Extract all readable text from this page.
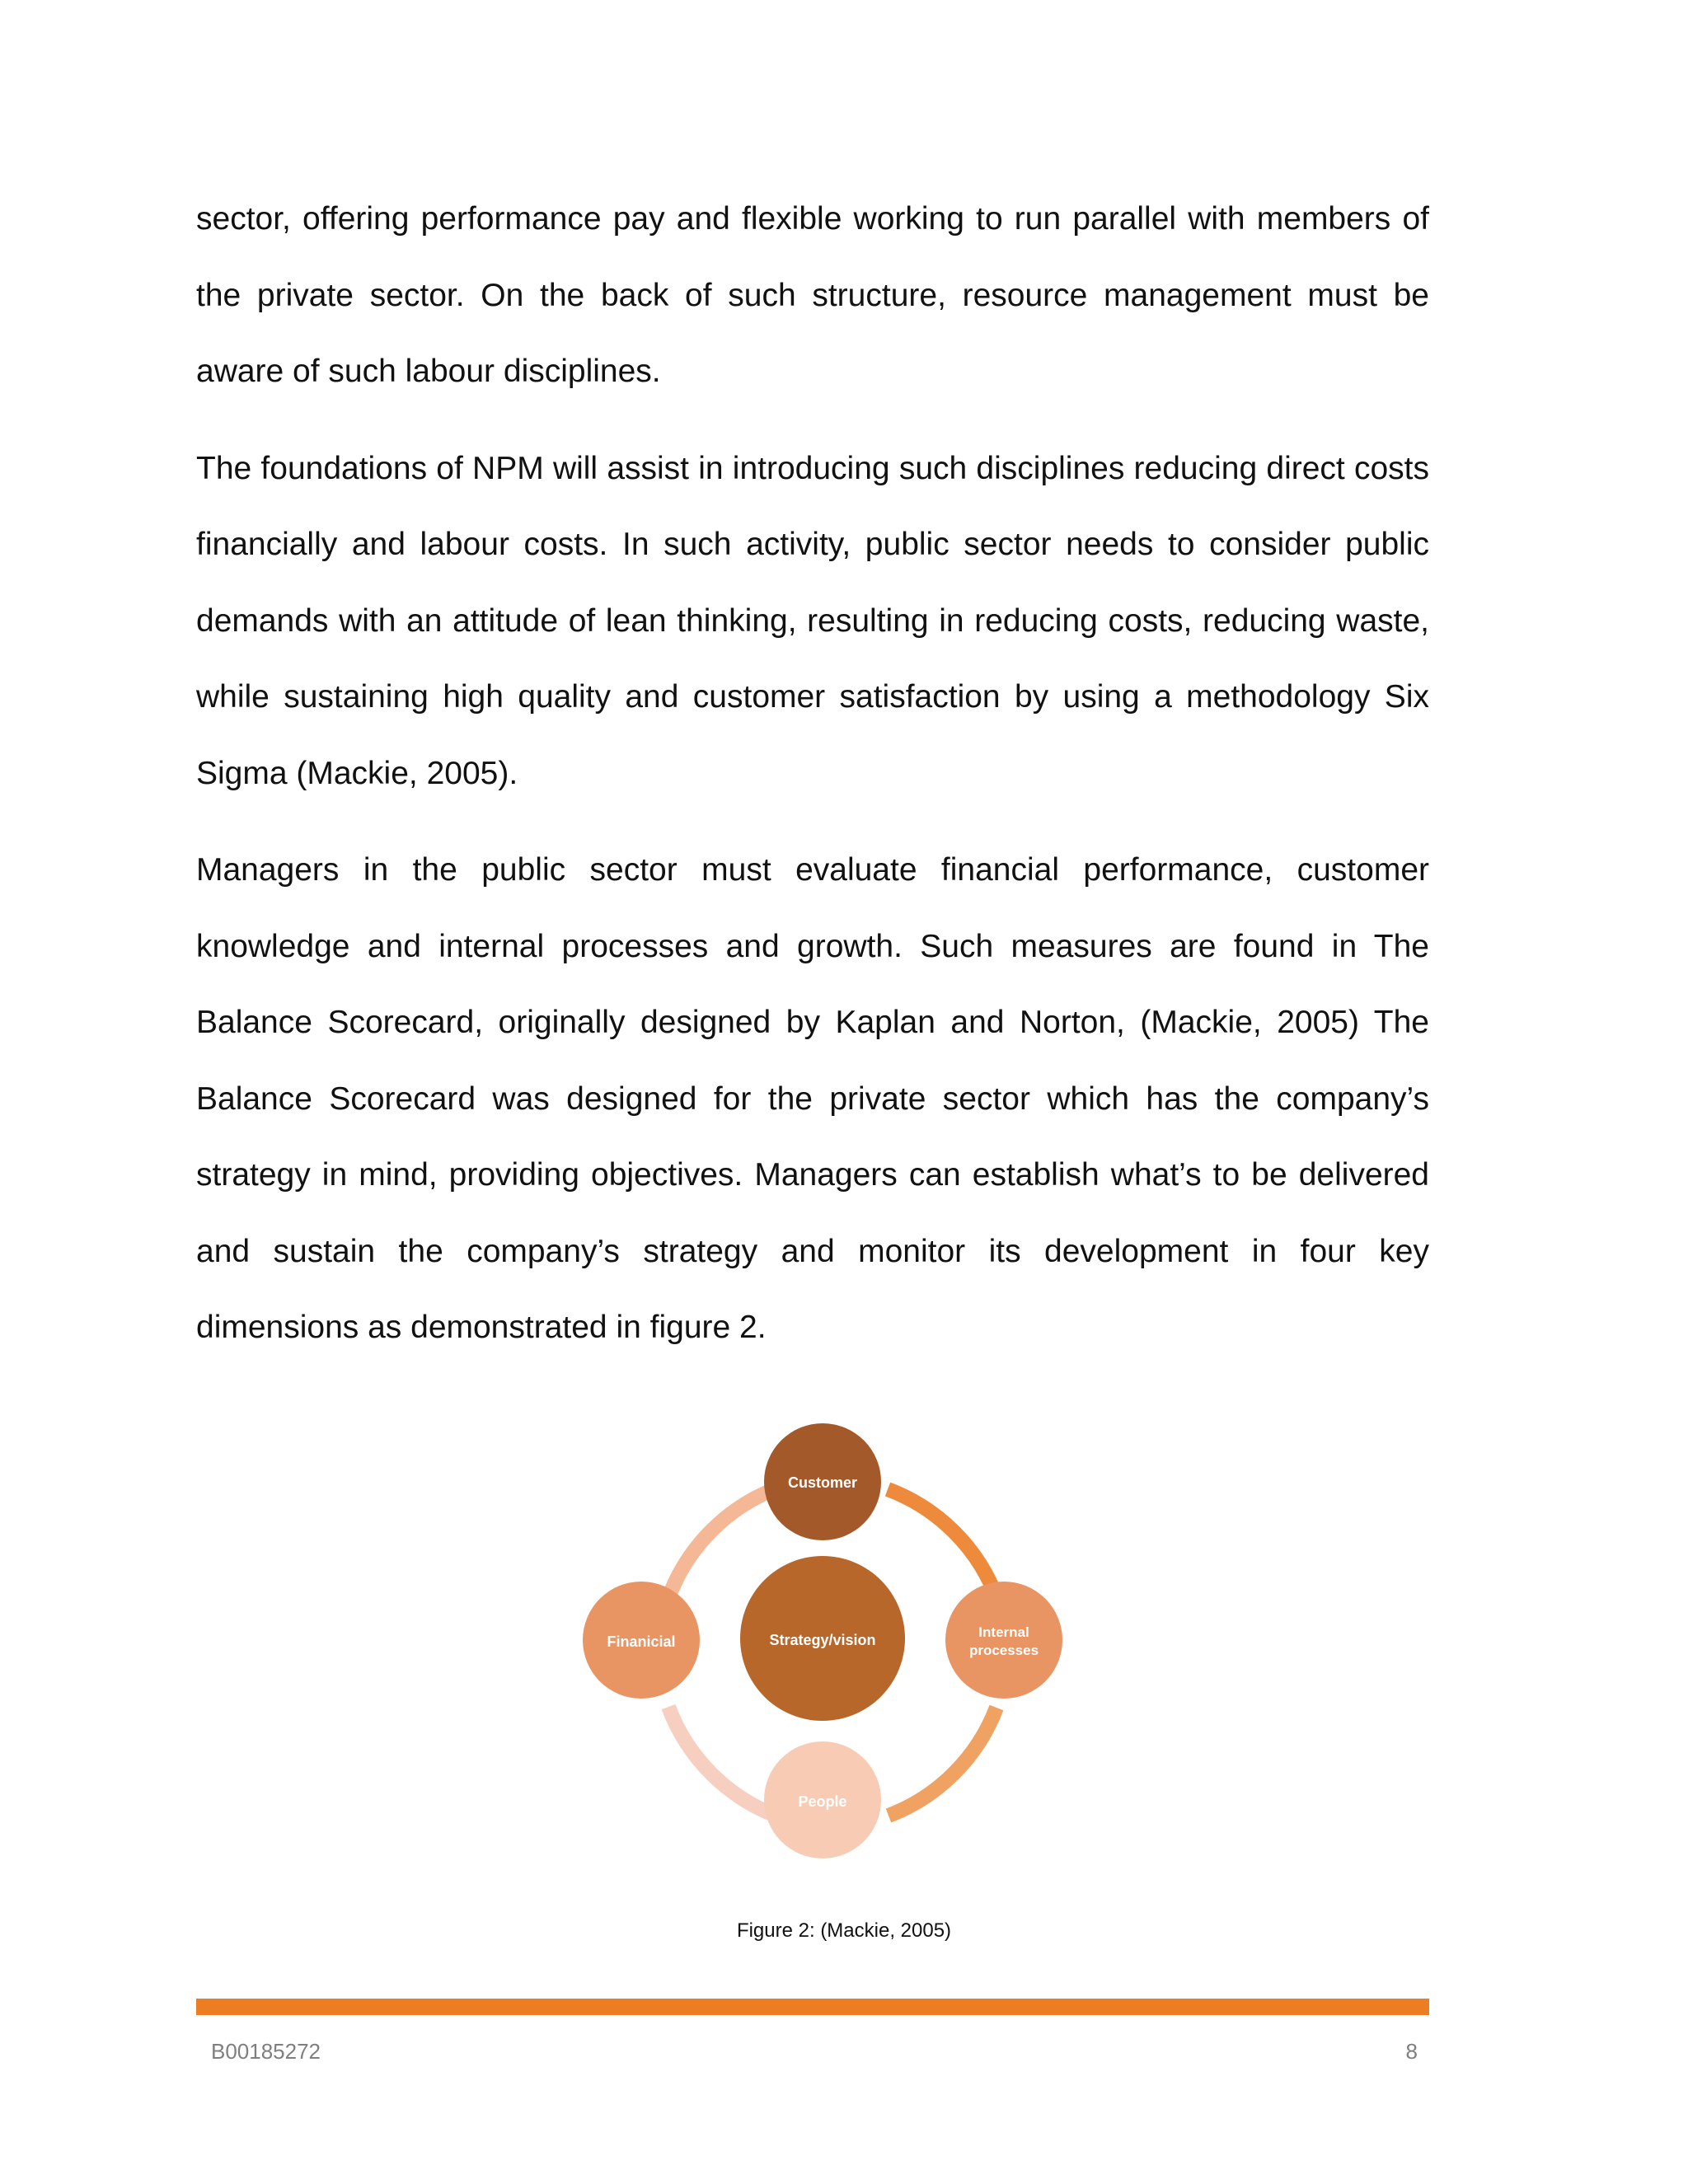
sector, offering performance pay and flexible working to run parallel with members of the private sector. On the back of such structure, resource management must be aware of such labour disciplines.

The foundations of NPM will assist in introducing such disciplines reducing direct costs financially and labour costs. In such activity, public sector needs to consider public demands with an attitude of lean thinking, resulting in reducing costs, reducing waste, while sustaining high quality and customer satisfaction by using a methodology Six Sigma (Mackie, 2005).

Managers in the public sector must evaluate financial performance, customer knowledge and internal processes and growth. Such measures are found in The Balance Scorecard, originally designed by Kaplan and Norton, (Mackie, 2005) The Balance Scorecard was designed for the private sector which has the company’s strategy in mind, providing objectives. Managers can establish what’s to be delivered and sustain the company’s strategy and monitor its development in four key dimensions as demonstrated in figure 2.

Strategy/vision
Customer
Internal
processes
People
Finanicial
Figure 2: (Mackie, 2005)
B00185272	8
